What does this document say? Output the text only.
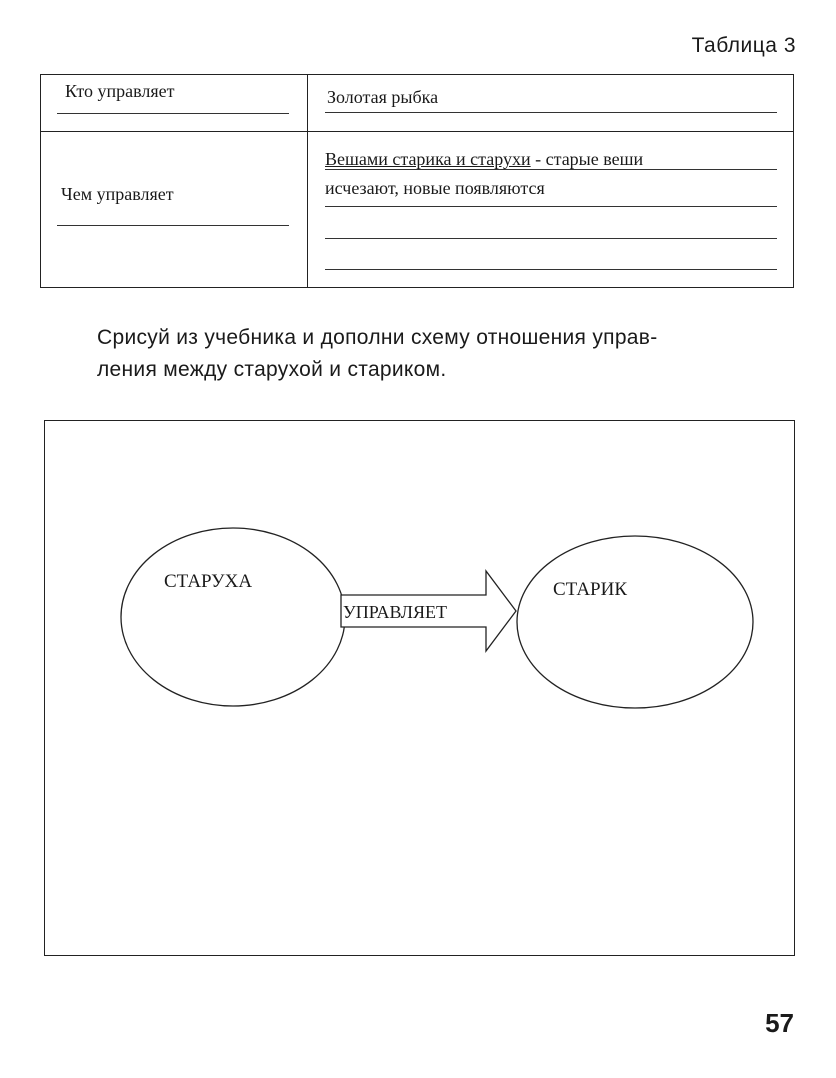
Таблица 3
Кто управляет	Золотая рыбка
Чем управляет
Вешами старика и старухи - старые веши
исчезают, новые появляются
Срисуй из учебника и дополни схему отношения управ-
ления между старухой и стариком.
СТАРУХА
УПРАВЛЯЕТ
СТАРИК
57
